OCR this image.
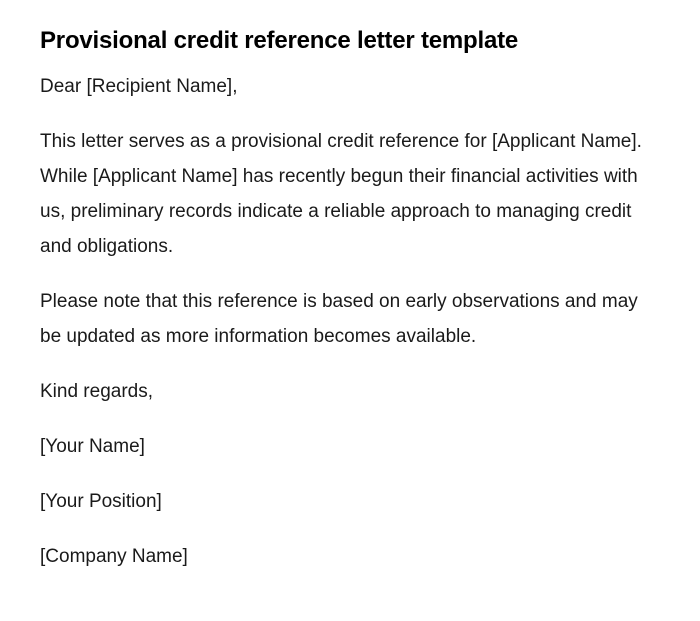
Provisional credit reference letter template

Dear [Recipient Name],

This letter serves as a provisional credit reference for [Applicant Name]. While [Applicant Name] has recently begun their financial activities with us, preliminary records indicate a reliable approach to managing credit and obligations.

Please note that this reference is based on early observations and may be updated as more information becomes available.

Kind regards,

[Your Name]

[Your Position]

[Company Name]
